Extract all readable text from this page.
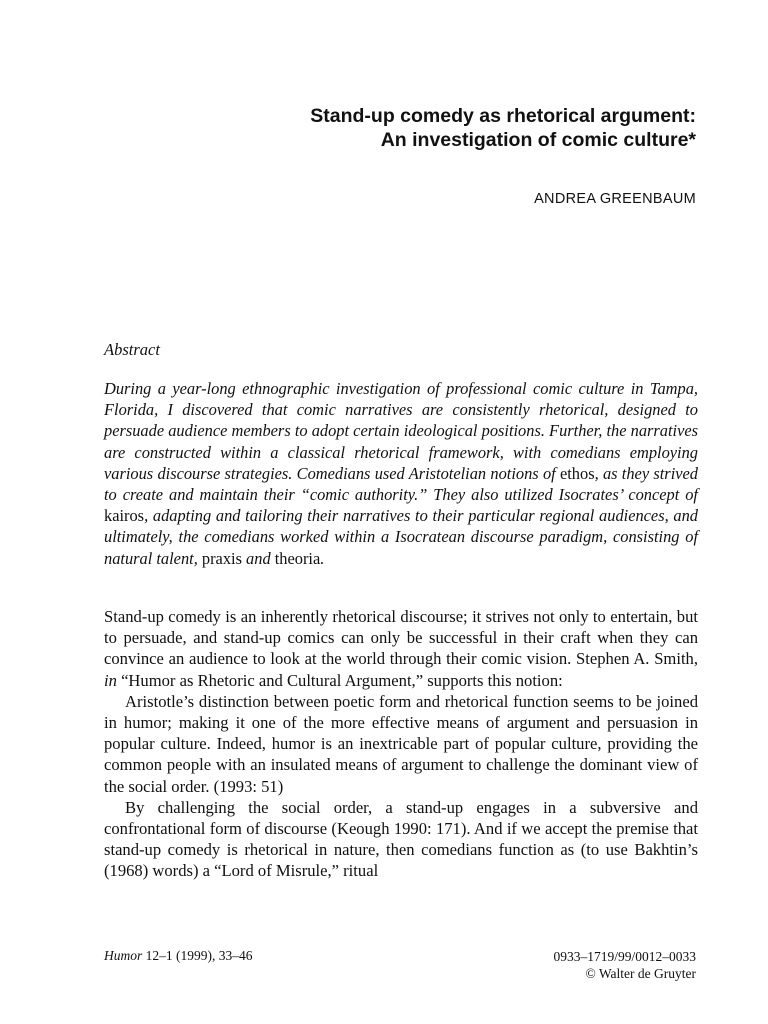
Stand-up comedy as rhetorical argument:
An investigation of comic culture*
ANDREA GREENBAUM
Abstract
During a year-long ethnographic investigation of professional comic culture in Tampa, Florida, I discovered that comic narratives are consistently rhetorical, designed to persuade audience members to adopt certain ideological positions. Further, the narratives are constructed within a classical rhetorical framework, with comedians employing various discourse strategies. Comedians used Aristotelian notions of ethos, as they strived to create and maintain their “comic authority.” They also utilized Isocrates’ concept of kairos, adapting and tailoring their narratives to their particular regional audiences, and ultimately, the comedians worked within a Isocratean discourse paradigm, consisting of natural talent, praxis and theoria.

Stand-up comedy is an inherently rhetorical discourse; it strives not only to entertain, but to persuade, and stand-up comics can only be successful in their craft when they can convince an audience to look at the world through their comic vision. Stephen A. Smith, in “Humor as Rhetoric and Cultural Argument,” supports this notion:

Aristotle’s distinction between poetic form and rhetorical function seems to be joined in humor; making it one of the more effective means of argument and persuasion in popular culture. Indeed, humor is an inextricable part of popular culture, providing the common people with an insulated means of argument to challenge the dominant view of the social order. (1993: 51)

By challenging the social order, a stand-up engages in a subversive and confrontational form of discourse (Keough 1990: 171). And if we accept the premise that stand-up comedy is rhetorical in nature, then comedians function as (to use Bakhtin’s (1968) words) a “Lord of Misrule,” ritual

Humor 12–1 (1999), 33–46	0933–1719/99/0012–0033
© Walter de Gruyter
